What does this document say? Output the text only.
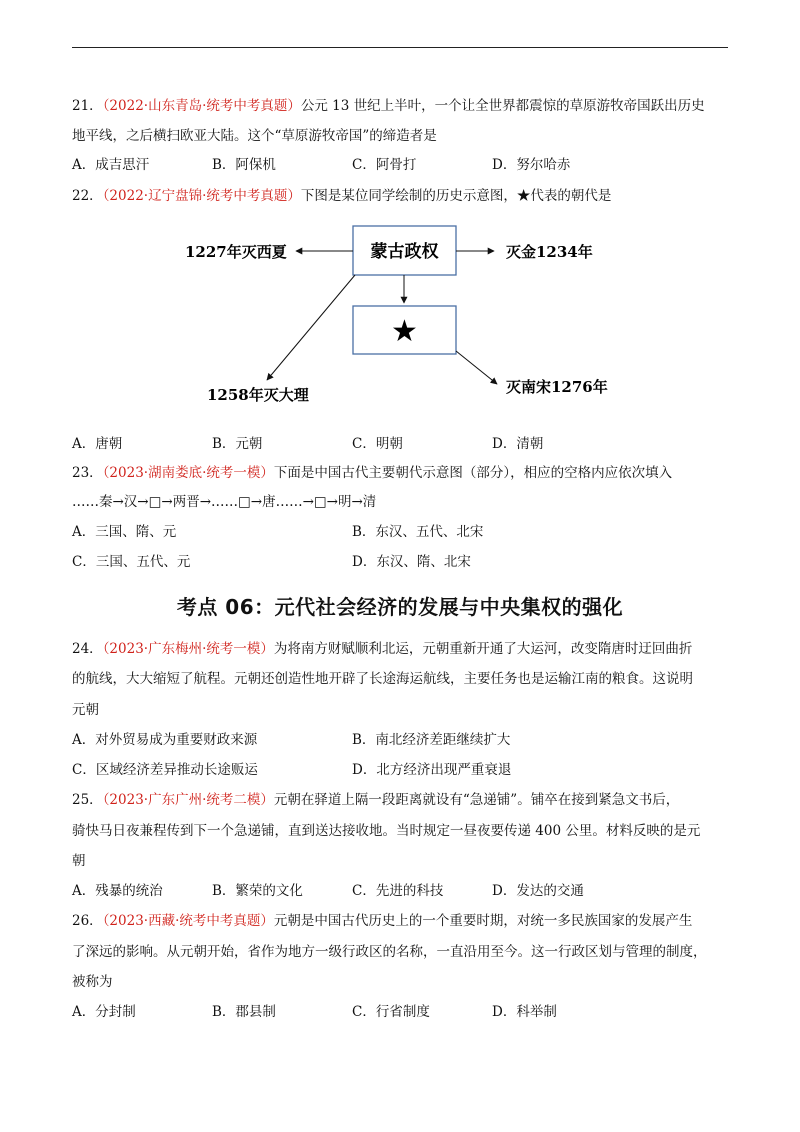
21．（2022·山东青岛·统考中考真题）公元 13 世纪上半叶，一个让全世界都震惊的草原游牧帝国跃出历史
地平线，之后横扫欧亚大陆。这个“草原游牧帝国”的缔造者是
A．成吉思汗	B．阿保机	C．阿骨打	D．努尔哈赤
22．（2022·辽宁盘锦·统考中考真题）下图是某位同学绘制的历史示意图，★代表的朝代是
蒙古政权
★
1227年灭西夏	灭金1234年
1258年灭大理	灭南宋1276年
A．唐朝	B．元朝	C．明朝	D．清朝
23．（2023·湖南娄底·统考一模）下面是中国古代主要朝代示意图（部分），相应的空格内应依次填入
……秦→汉→□→两晋→……□→唐……→□→明→清
A．三国、隋、元	B．东汉、五代、北宋
C．三国、五代、元	D．东汉、隋、北宋
考点 06：元代社会经济的发展与中央集权的强化
24．（2023·广东梅州·统考一模）为将南方财赋顺利北运，元朝重新开通了大运河，改变隋唐时迂回曲折
的航线，大大缩短了航程。元朝还创造性地开辟了长途海运航线，主要任务也是运输江南的粮食。这说明
元朝
A．对外贸易成为重要财政来源	B．南北经济差距继续扩大
C．区域经济差异推动长途贩运	D．北方经济出现严重衰退
25．（2023·广东广州·统考二模）元朝在驿道上隔一段距离就设有“急递铺”。铺卒在接到紧急文书后，
骑快马日夜兼程传到下一个急递铺，直到送达接收地。当时规定一昼夜要传递 400 公里。材料反映的是元
朝
A．残暴的统治	B．繁荣的文化	C．先进的科技	D．发达的交通
26．（2023·西藏·统考中考真题）元朝是中国古代历史上的一个重要时期，对统一多民族国家的发展产生
了深远的影响。从元朝开始，省作为地方一级行政区的名称，一直沿用至今。这一行政区划与管理的制度，
被称为
A．分封制	B．郡县制	C．行省制度	D．科举制
